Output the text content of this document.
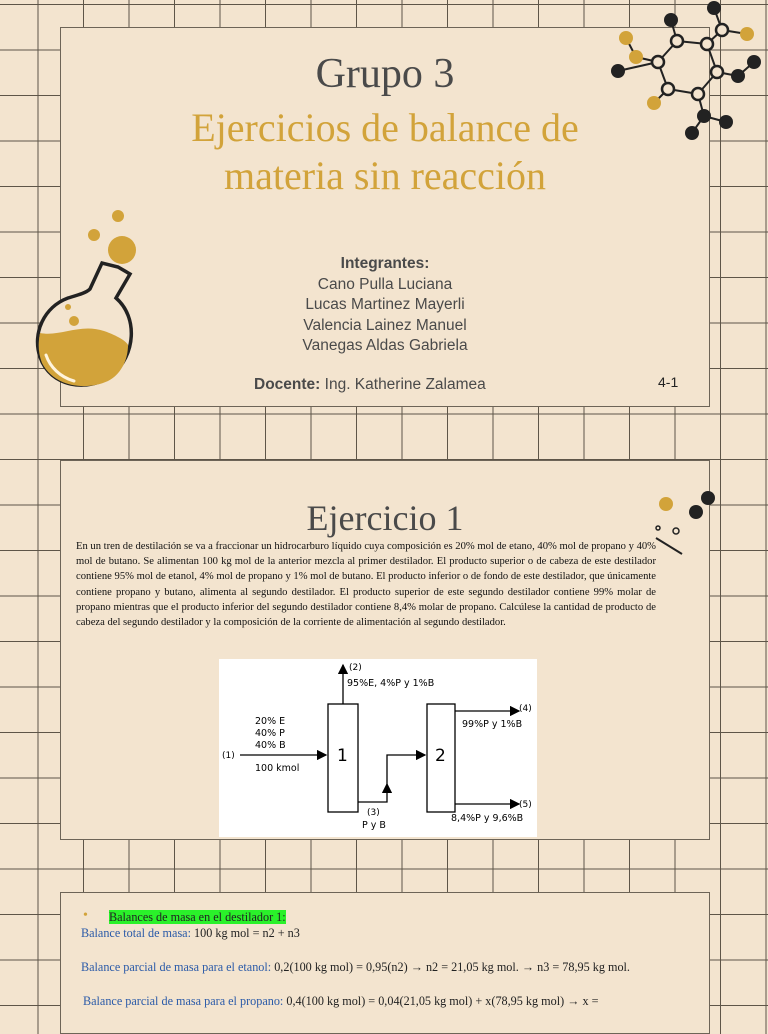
Grupo 3
Ejercicios de balance de
materia sin reacción
Integrantes:
Cano Pulla Luciana
Lucas Martinez Mayerli
Valencia Lainez Manuel
Vanegas Aldas Gabriela
Docente: Ing. Katherine Zalamea	4-1
Ejercicio 1
En un tren de destilación se va a fraccionar un hidrocarburo líquido cuya composición es 20% mol de etano, 40% mol de propano y 40% mol de butano. Se alimentan 100 kg mol de la anterior mezcla al primer destilador. El producto superior o de cabeza de este destilador contiene 95% mol de etanol, 4% mol de propano y 1% mol de butano. El producto inferior o de fondo de este destilador, que únicamente contiene propano y butano, alimenta al segundo destilador. El producto superior de este segundo destilador contiene 99% molar de propano mientras que el producto inferior del segundo destilador contiene 8,4% molar de propano. Calcúlese la cantidad de producto de cabeza del segundo destilador y la composición de la corriente de alimentación al segundo destilador.
1	2
(1)
20% E
40% P
40% B
100 kmol
(2)
95%E, 4%P y 1%B
(3)
P y B
(4)
99%P y 1%B
(5)
8,4%P y 9,6%B
• Balances de masa en el destilador 1:
Balance total de masa: 100 kg mol = n2 + n3
Balance parcial de masa para el etanol: 0,2(100 kg mol) = 0,95(n2) → n2 = 21,05 kg mol. → n3 = 78,95 kg mol.
Balance parcial de masa para el propano: 0,4(100 kg mol) = 0,04(21,05 kg mol) + x(78,95 kg mol) → x =
